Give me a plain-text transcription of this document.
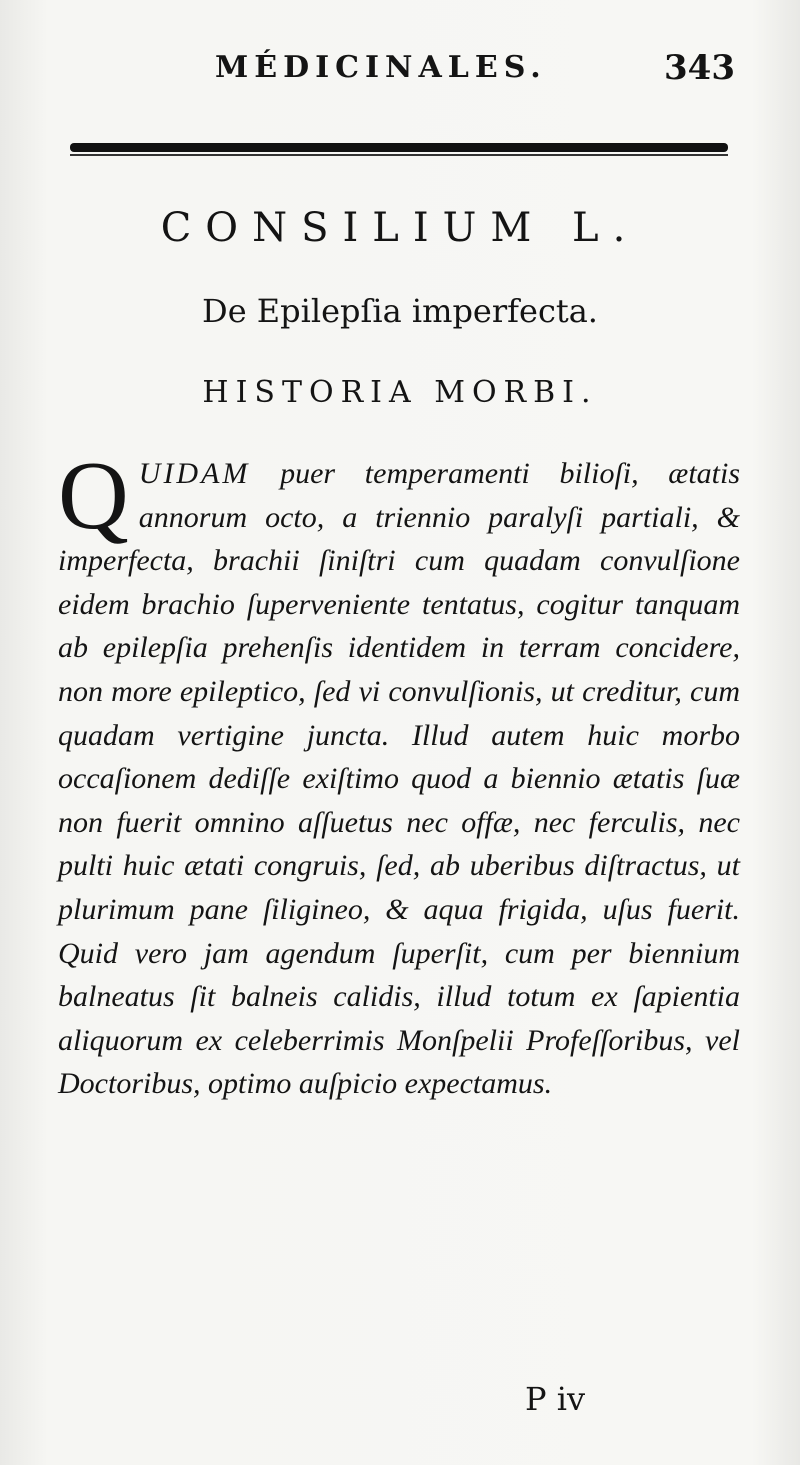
MÉDICINALES.	343
CONSILIUM L.
De Epilepſia imperfecta.
HISTORIA MORBI.
Q UIDAM puer temperamenti bilioſi, ætatis annorum octo, a triennio paralyſi partiali, & imperfecta, brachii ſiniſtri cum quadam convulſione eidem brachio ſuperveniente tentatus, cogitur tanquam ab epilepſia prehenſis identidem in terram concidere, non more epileptico, ſed vi convulſionis, ut creditur, cum quadam vertigine juncta. Illud autem huic morbo occaſionem dediſſe exiſtimo quod a biennio ætatis ſuæ non fuerit omnino aſſuetus nec offæ, nec ferculis, nec pulti huic ætati congruis, ſed, ab uberibus diſtractus, ut plurimum pane ſiligineo, & aqua frigida, uſus fuerit. Quid vero jam agendum ſuperſit, cum per biennium balneatus ſit balneis calidis, illud totum ex ſapientia aliquorum ex celeberrimis Monſpelii Profeſſoribus, vel Doctoribus, optimo auſpicio expectamus.
P iv
